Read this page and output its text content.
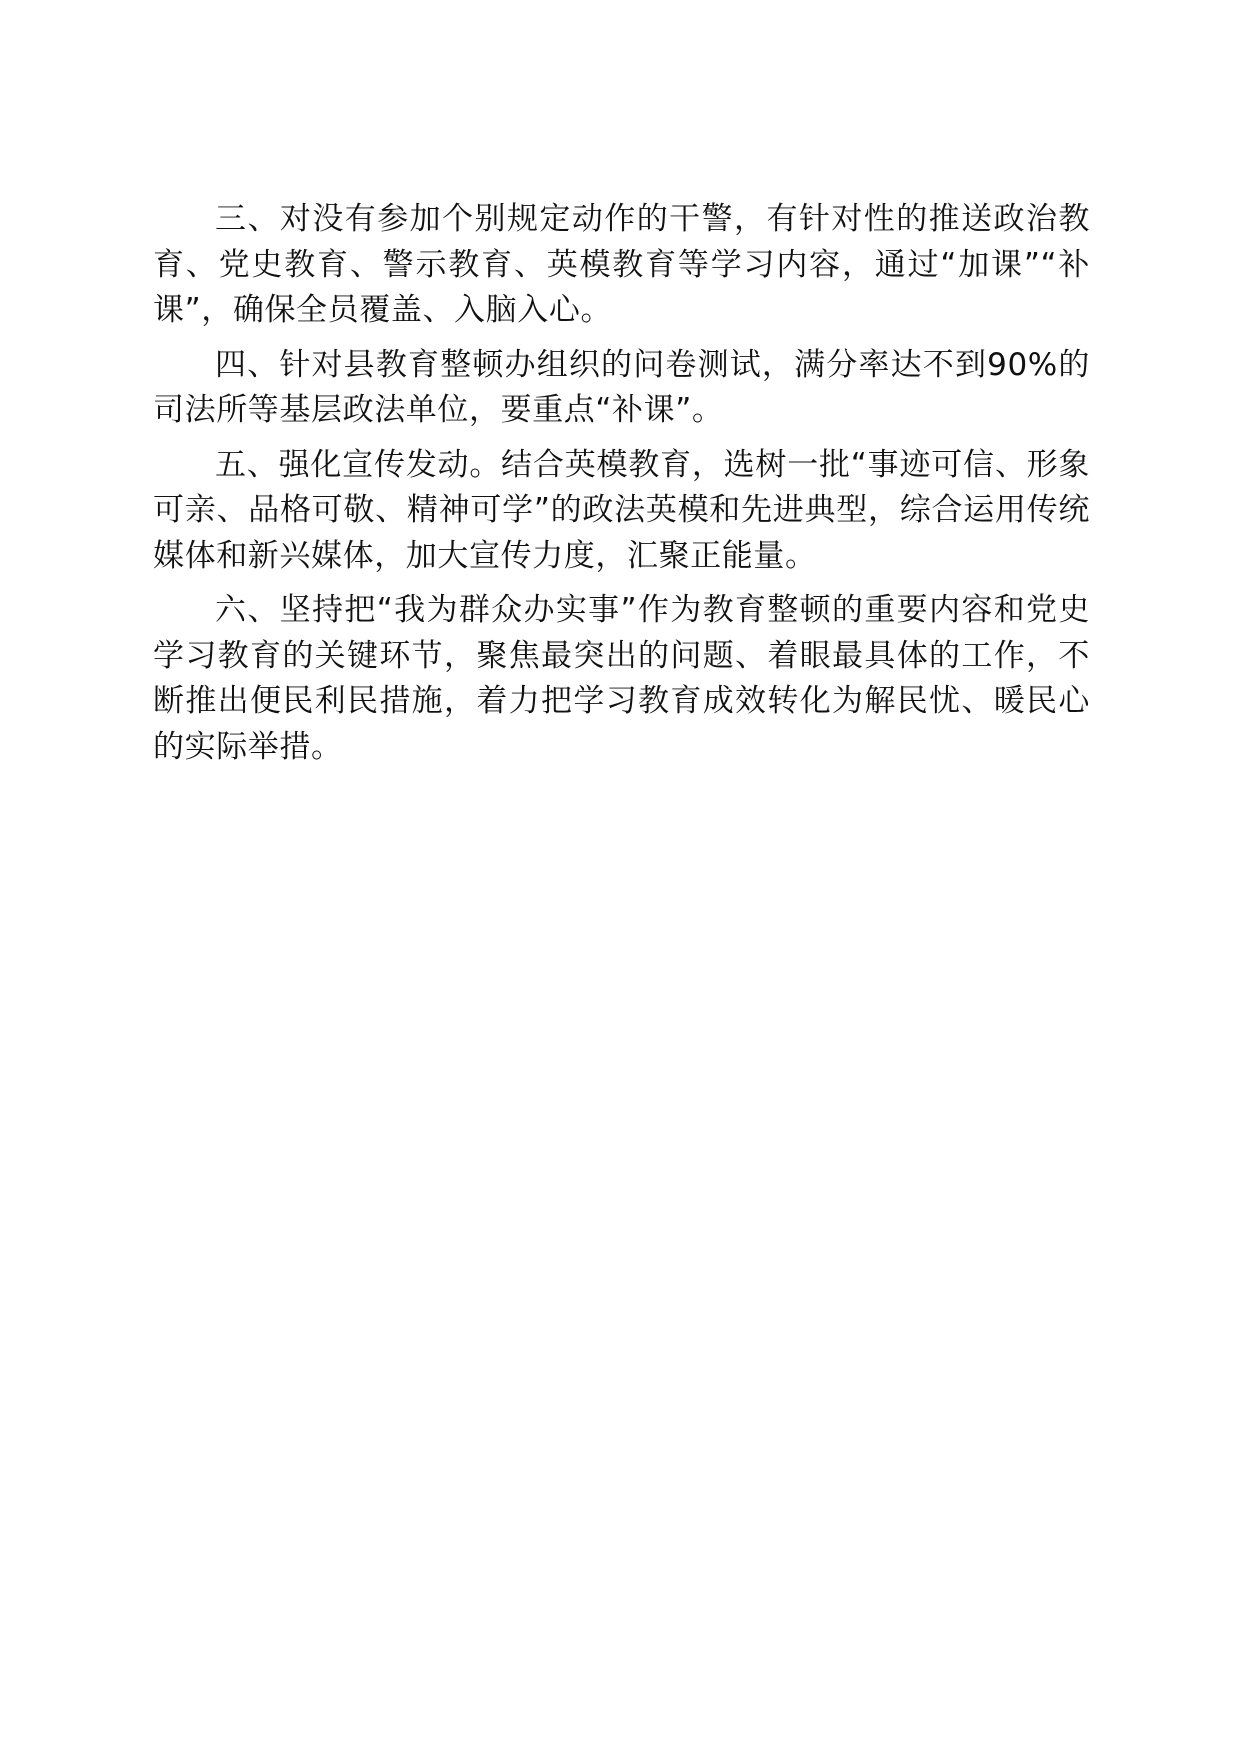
三、对没有参加个别规定动作的干警，有针对性的推送政治教育、党史教育、警示教育、英模教育等学习内容，通过“加课”“补课”，确保全员覆盖、入脑入心。

四、针对县教育整顿办组织的问卷测试，满分率达不到90%的司法所等基层政法单位，要重点“补课”。

五、强化宣传发动。结合英模教育，选树一批“事迹可信、形象可亲、品格可敬、精神可学”的政法英模和先进典型，综合运用传统媒体和新兴媒体，加大宣传力度，汇聚正能量。

六、坚持把“我为群众办实事”作为教育整顿的重要内容和党史学习教育的关键环节，聚焦最突出的问题、着眼最具体的工作，不断推出便民利民措施，着力把学习教育成效转化为解民忧、暖民心的实际举措。
